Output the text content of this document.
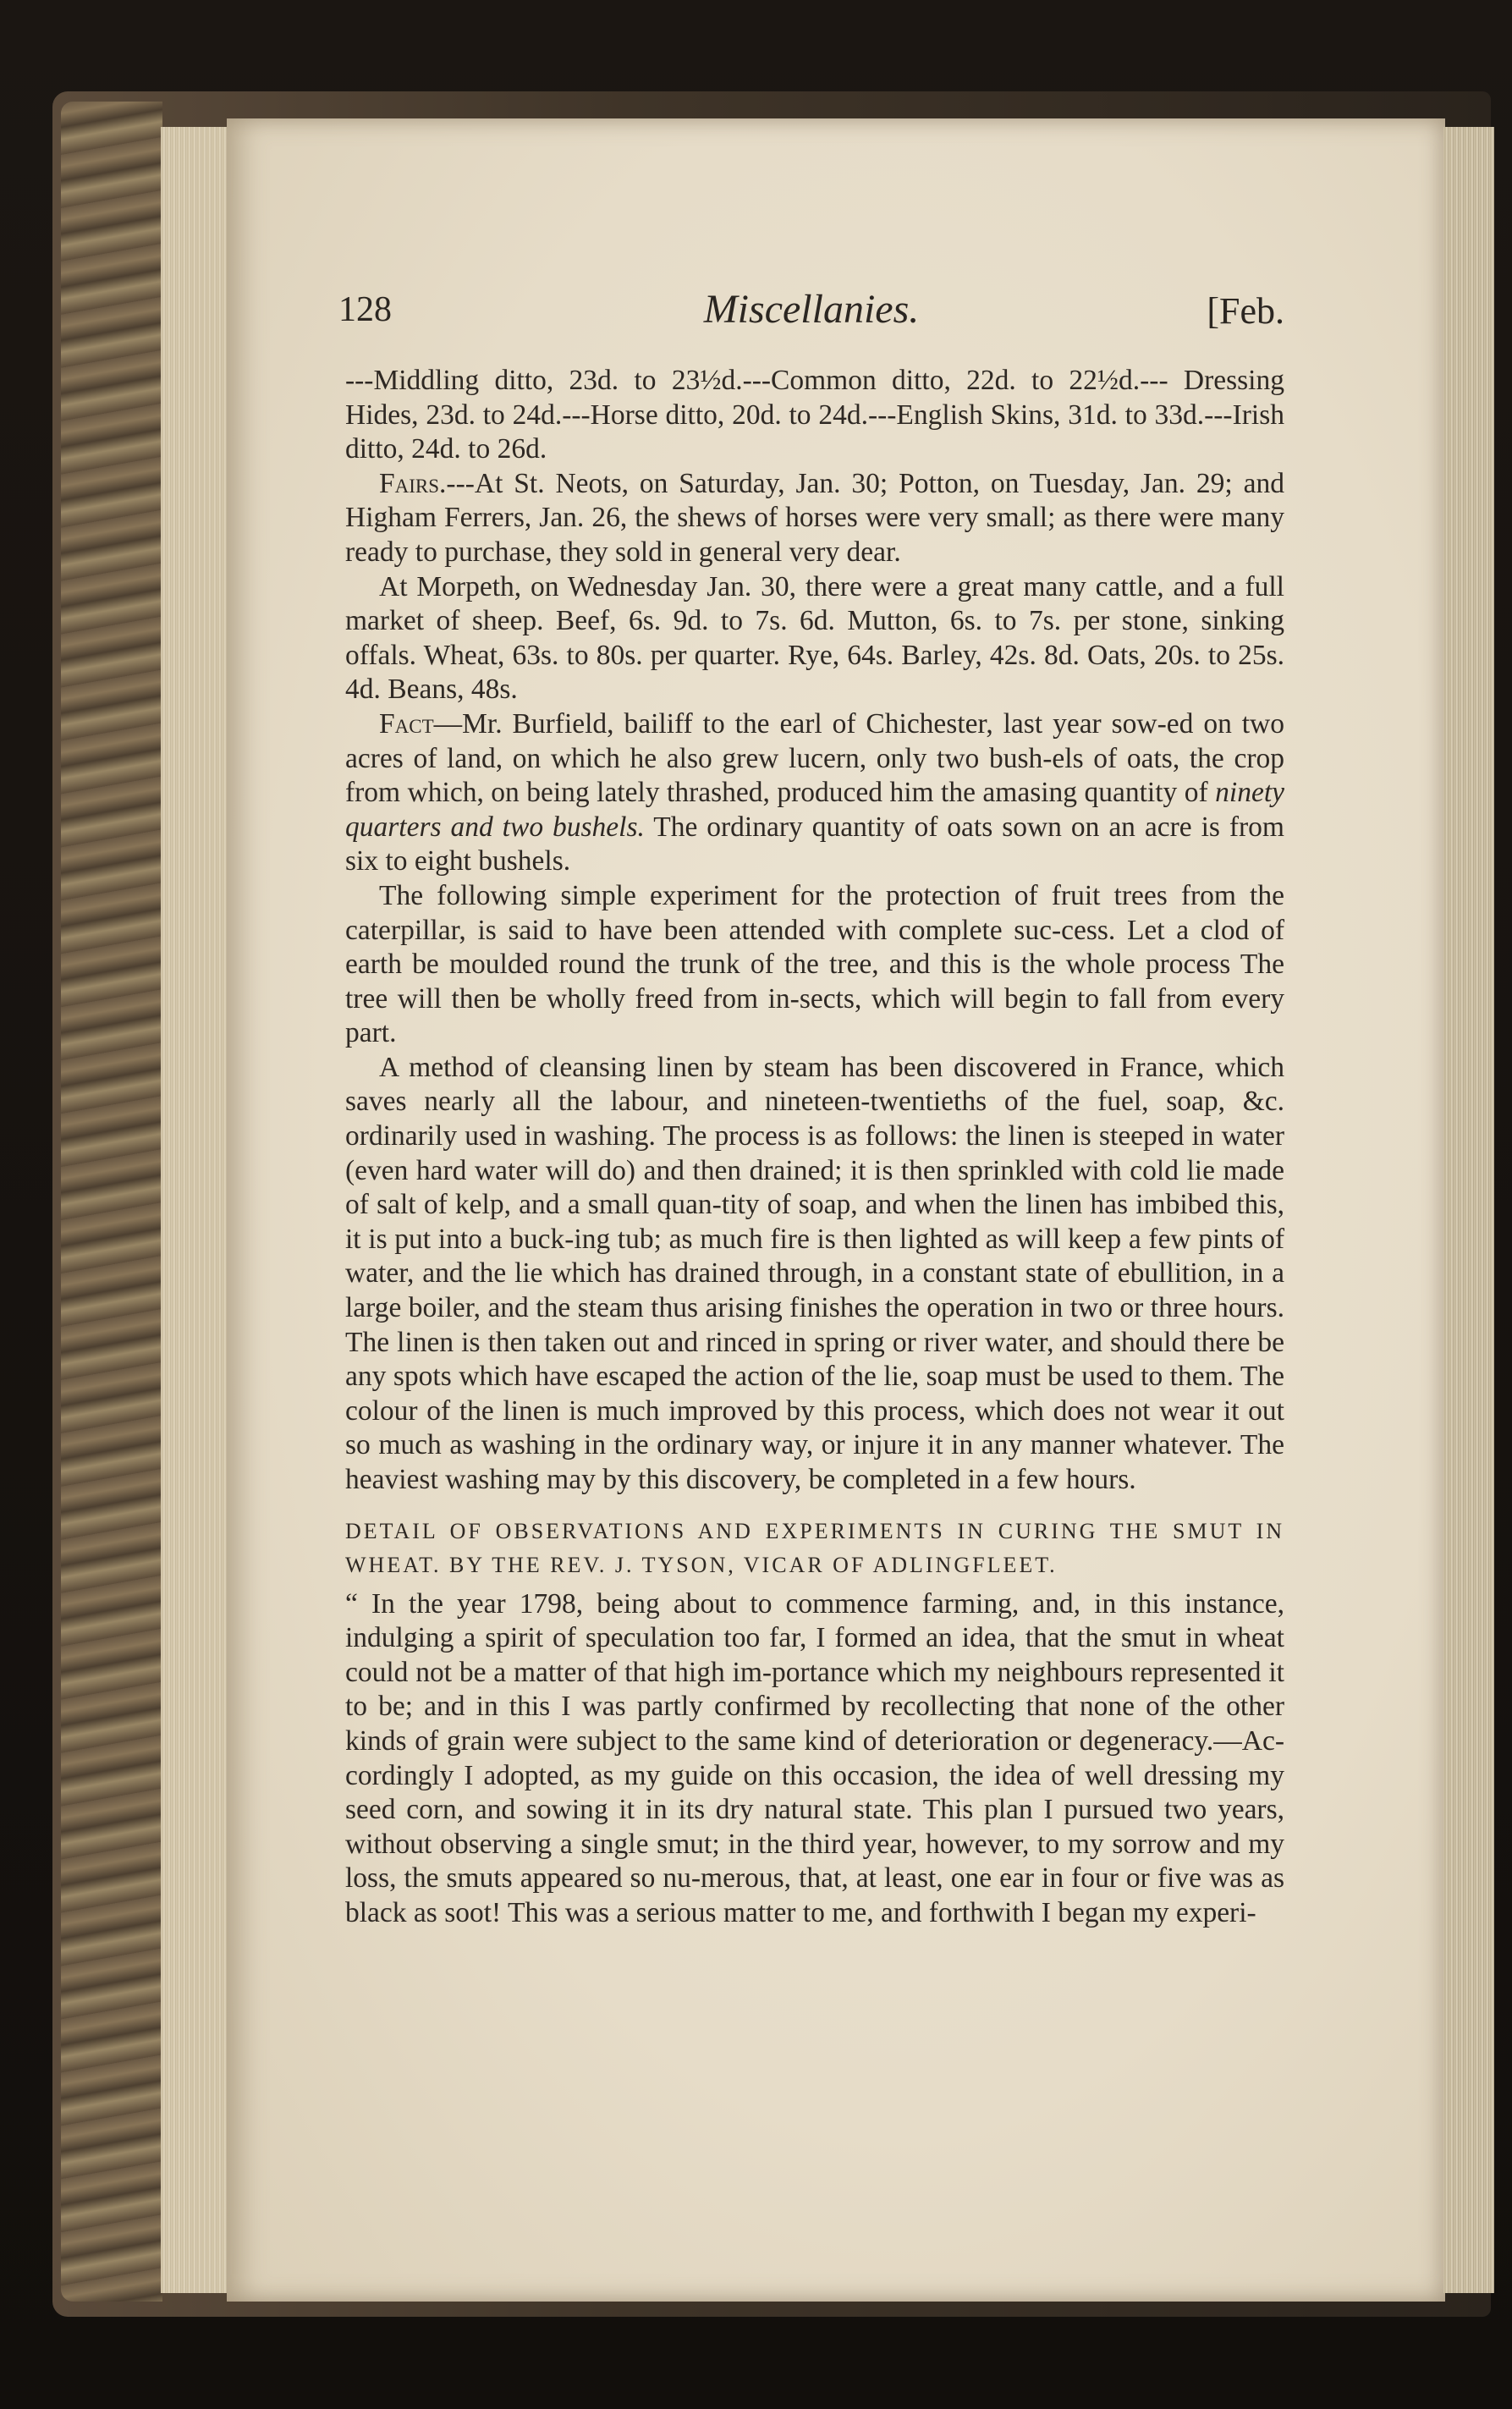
128	Miscellanies.	[Feb.

---Middling ditto, 23d. to 23½d.---Common ditto, 22d. to 22½d.--- Dressing Hides, 23d. to 24d.---Horse ditto, 20d. to 24d.---English Skins, 31d. to 33d.---Irish ditto, 24d. to 26d.

Fairs.---At St. Neots, on Saturday, Jan. 30; Potton, on Tuesday, Jan. 29; and Higham Ferrers, Jan. 26, the shews of horses were very small; as there were many ready to purchase, they sold in general very dear.

At Morpeth, on Wednesday Jan. 30, there were a great many cattle, and a full market of sheep. Beef, 6s. 9d. to 7s. 6d. Mutton, 6s. to 7s. per stone, sinking offals. Wheat, 63s. to 80s. per quarter. Rye, 64s. Barley, 42s. 8d. Oats, 20s. to 25s. 4d. Beans, 48s.

Fact—Mr. Burfield, bailiff to the earl of Chichester, last year sow-ed on two acres of land, on which he also grew lucern, only two bush-els of oats, the crop from which, on being lately thrashed, produced him the amasing quantity of ninety quarters and two bushels. The ordinary quantity of oats sown on an acre is from six to eight bushels.

The following simple experiment for the protection of fruit trees from the caterpillar, is said to have been attended with complete suc-cess. Let a clod of earth be moulded round the trunk of the tree, and this is the whole process The tree will then be wholly freed from in-sects, which will begin to fall from every part.

A method of cleansing linen by steam has been discovered in France, which saves nearly all the labour, and nineteen-twentieths of the fuel, soap, &c. ordinarily used in washing. The process is as follows: the linen is steeped in water (even hard water will do) and then drained; it is then sprinkled with cold lie made of salt of kelp, and a small quan-tity of soap, and when the linen has imbibed this, it is put into a buck-ing tub; as much fire is then lighted as will keep a few pints of water, and the lie which has drained through, in a constant state of ebullition, in a large boiler, and the steam thus arising finishes the operation in two or three hours. The linen is then taken out and rinced in spring or river water, and should there be any spots which have escaped the action of the lie, soap must be used to them. The colour of the linen is much improved by this process, which does not wear it out so much as washing in the ordinary way, or injure it in any manner whatever. The heaviest washing may by this discovery, be completed in a few hours.

DETAIL OF OBSERVATIONS AND EXPERIMENTS IN CURING THE SMUT IN WHEAT. BY THE REV. J. TYSON, VICAR OF ADLINGFLEET.

“ In the year 1798, being about to commence farming, and, in this instance, indulging a spirit of speculation too far, I formed an idea, that the smut in wheat could not be a matter of that high im-portance which my neighbours represented it to be; and in this I was partly confirmed by recollecting that none of the other kinds of grain were subject to the same kind of deterioration or degeneracy.—Ac-cordingly I adopted, as my guide on this occasion, the idea of well dressing my seed corn, and sowing it in its dry natural state. This plan I pursued two years, without observing a single smut; in the third year, however, to my sorrow and my loss, the smuts appeared so nu-merous, that, at least, one ear in four or five was as black as soot! This was a serious matter to me, and forthwith I began my experi-
